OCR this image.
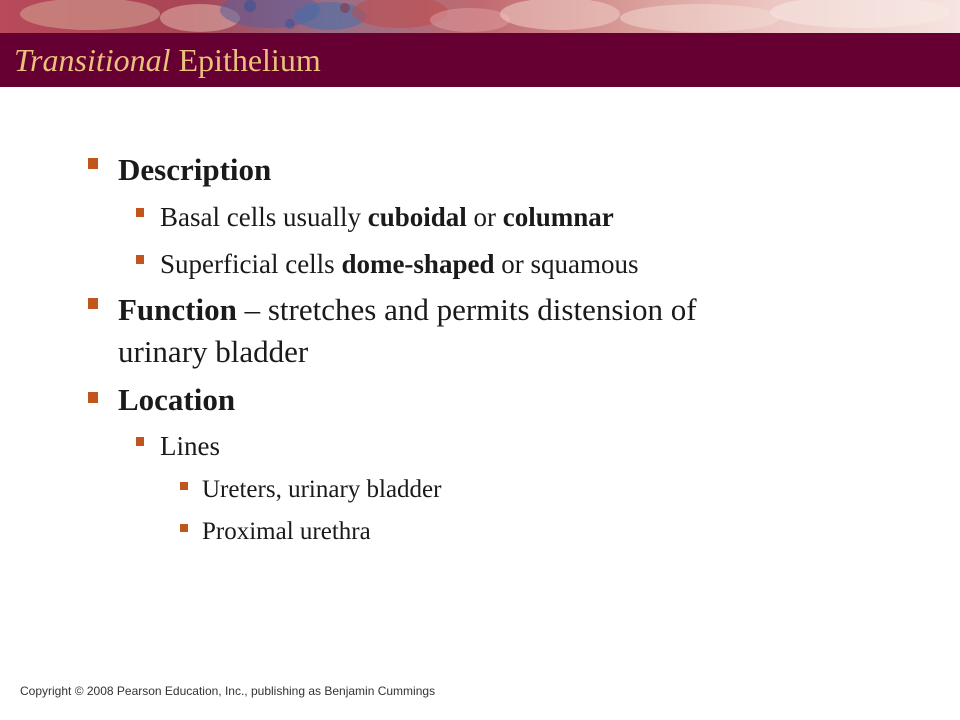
Transitional Epithelium
Description
Basal cells usually cuboidal or columnar
Superficial cells dome-shaped or squamous
Function – stretches and permits distension of
urinary bladder
Location
Lines
Ureters, urinary bladder
Proximal urethra
Copyright © 2008 Pearson Education, Inc., publishing as Benjamin Cummings
